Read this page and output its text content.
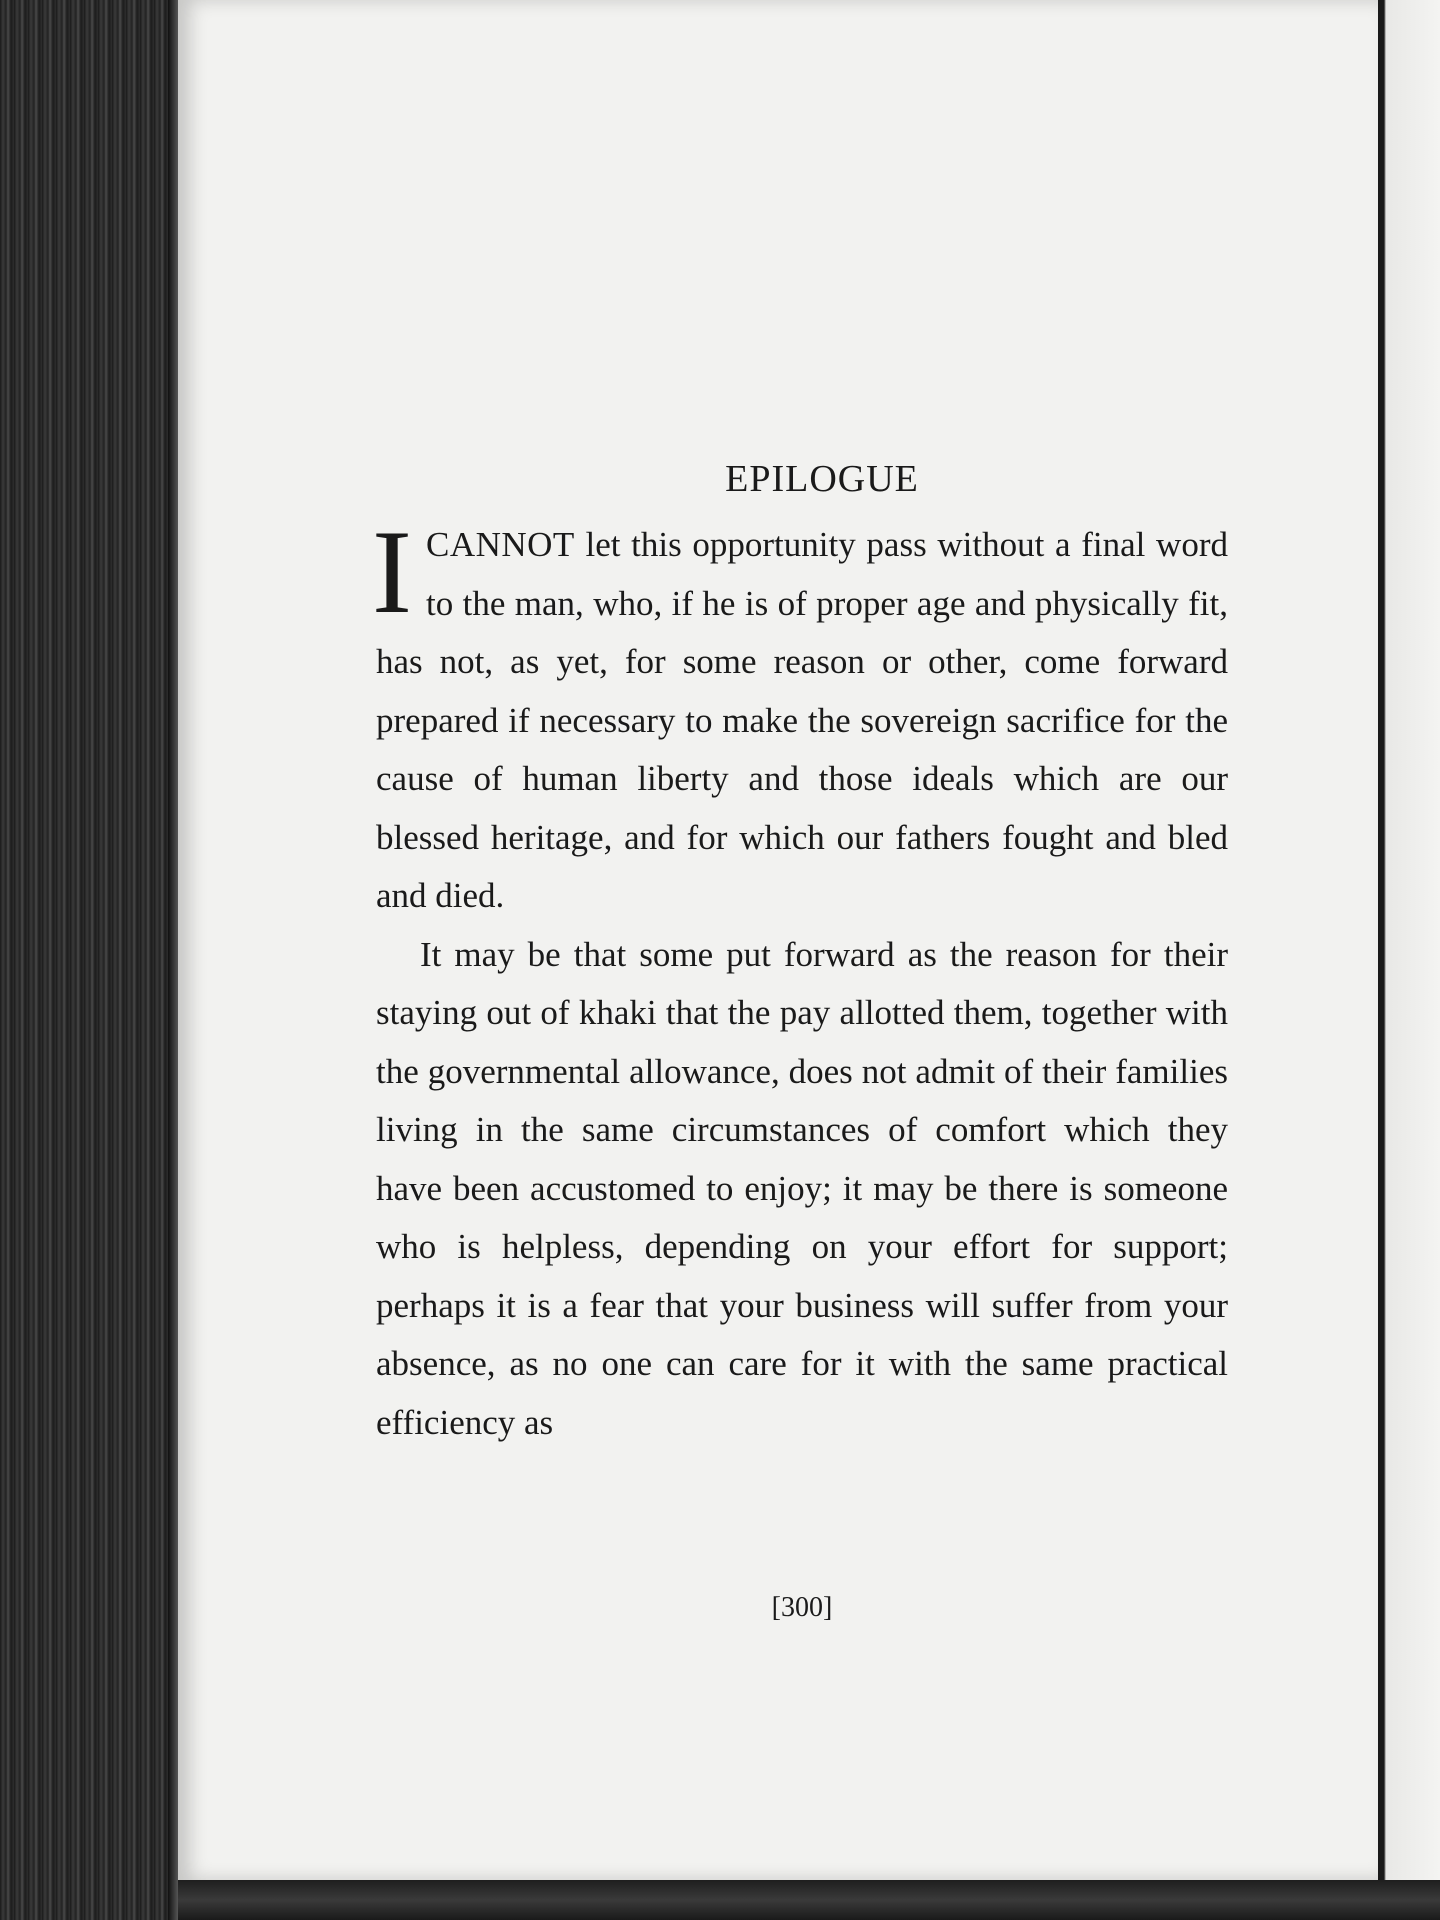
EPILOGUE

ICANNOT let this opportunity pass without a final word to the man, who, if he is of proper age and physically fit, has not, as yet, for some reason or other, come forward prepared if necessary to make the sovereign sacrifice for the cause of human liberty and those ideals which are our blessed heritage, and for which our fathers fought and bled and died.

It may be that some put forward as the reason for their staying out of khaki that the pay allotted them, together with the governmental allowance, does not admit of their families living in the same circumstances of comfort which they have been accustomed to enjoy; it may be there is someone who is helpless, depending on your effort for support; perhaps it is a fear that your business will suffer from your absence, as no one can care for it with the same practical efficiency as

[300]
